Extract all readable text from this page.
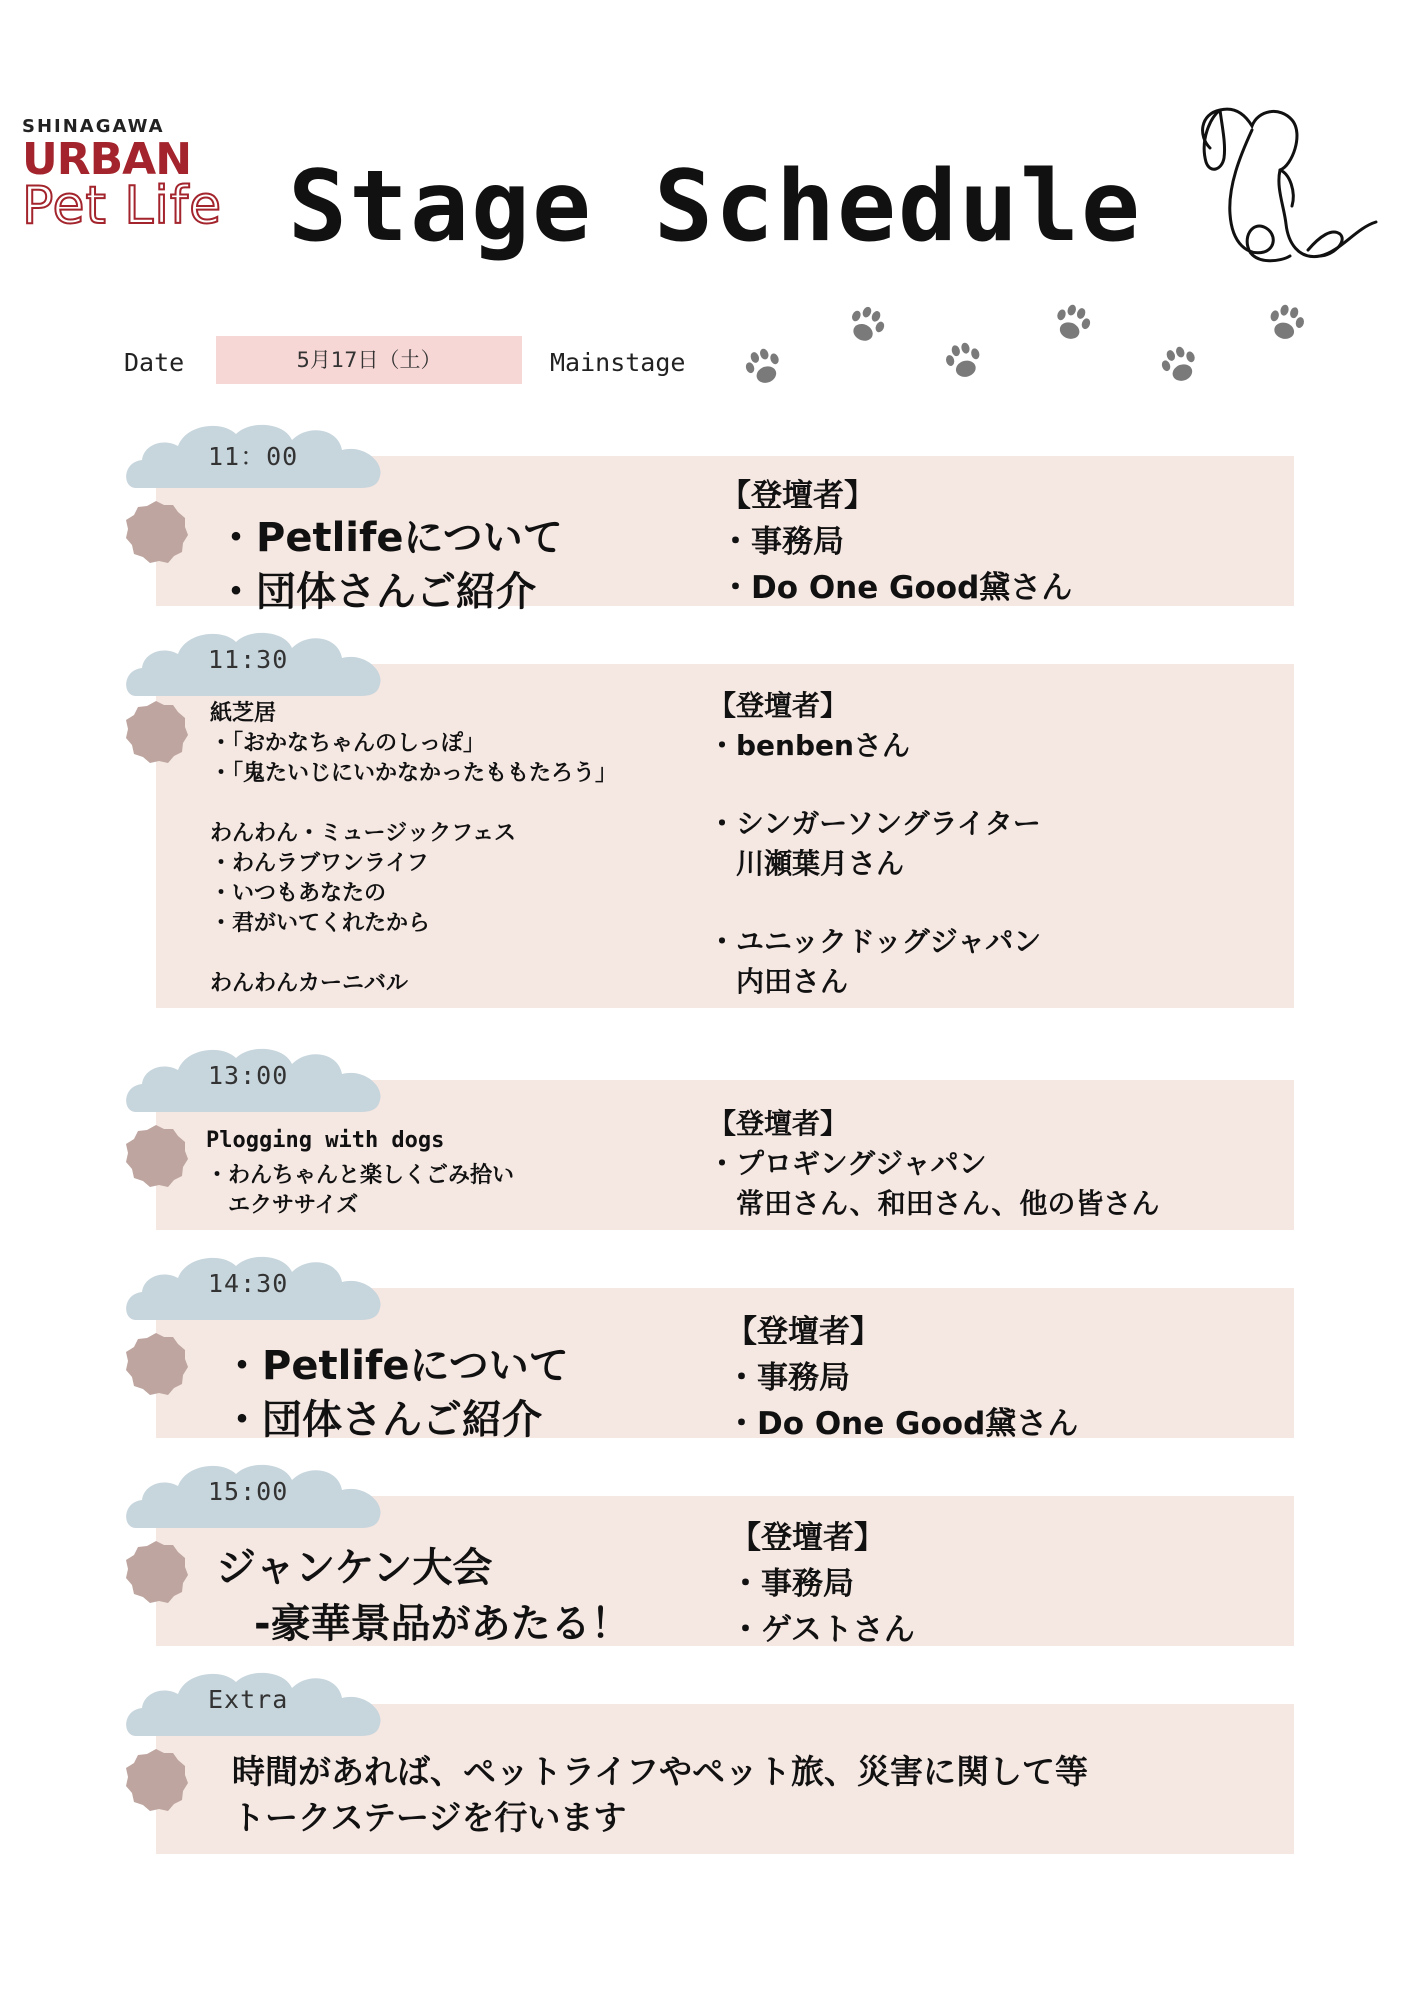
SHINAGAWA
URBAN
Pet Life Stage Schedule
Date	5月17日（土）	Mainstage
11：00
・Petlifeについて
・団体さんご紹介
【登壇者】
・事務局
・Do One Good黛さん
11:30
紙芝居
・「おかなちゃんのしっぽ」
・「鬼たいじにいかなかったももたろう」
わんわん・ミュージックフェス
・わんラブワンライフ
・いつもあなたの
・君がいてくれたから
わんわんカーニバル
【登壇者】
・benbenさん
・シンガーソングライター
川瀬葉月さん
・ユニックドッグジャパン
内田さん
13:00
Plogging with dogs
・わんちゃんと楽しくごみ拾い
エクササイズ
【登壇者】
・プロギングジャパン
常田さん、和田さん、他の皆さん
14:30
・Petlifeについて
・団体さんご紹介
【登壇者】
・事務局
・Do One Good黛さん
15:00
ジャンケン大会
-豪華景品があたる！
【登壇者】
・事務局
・ゲストさん
Extra
時間があれば、ペットライフやペット旅、災害に関して等
トークステージを行います
